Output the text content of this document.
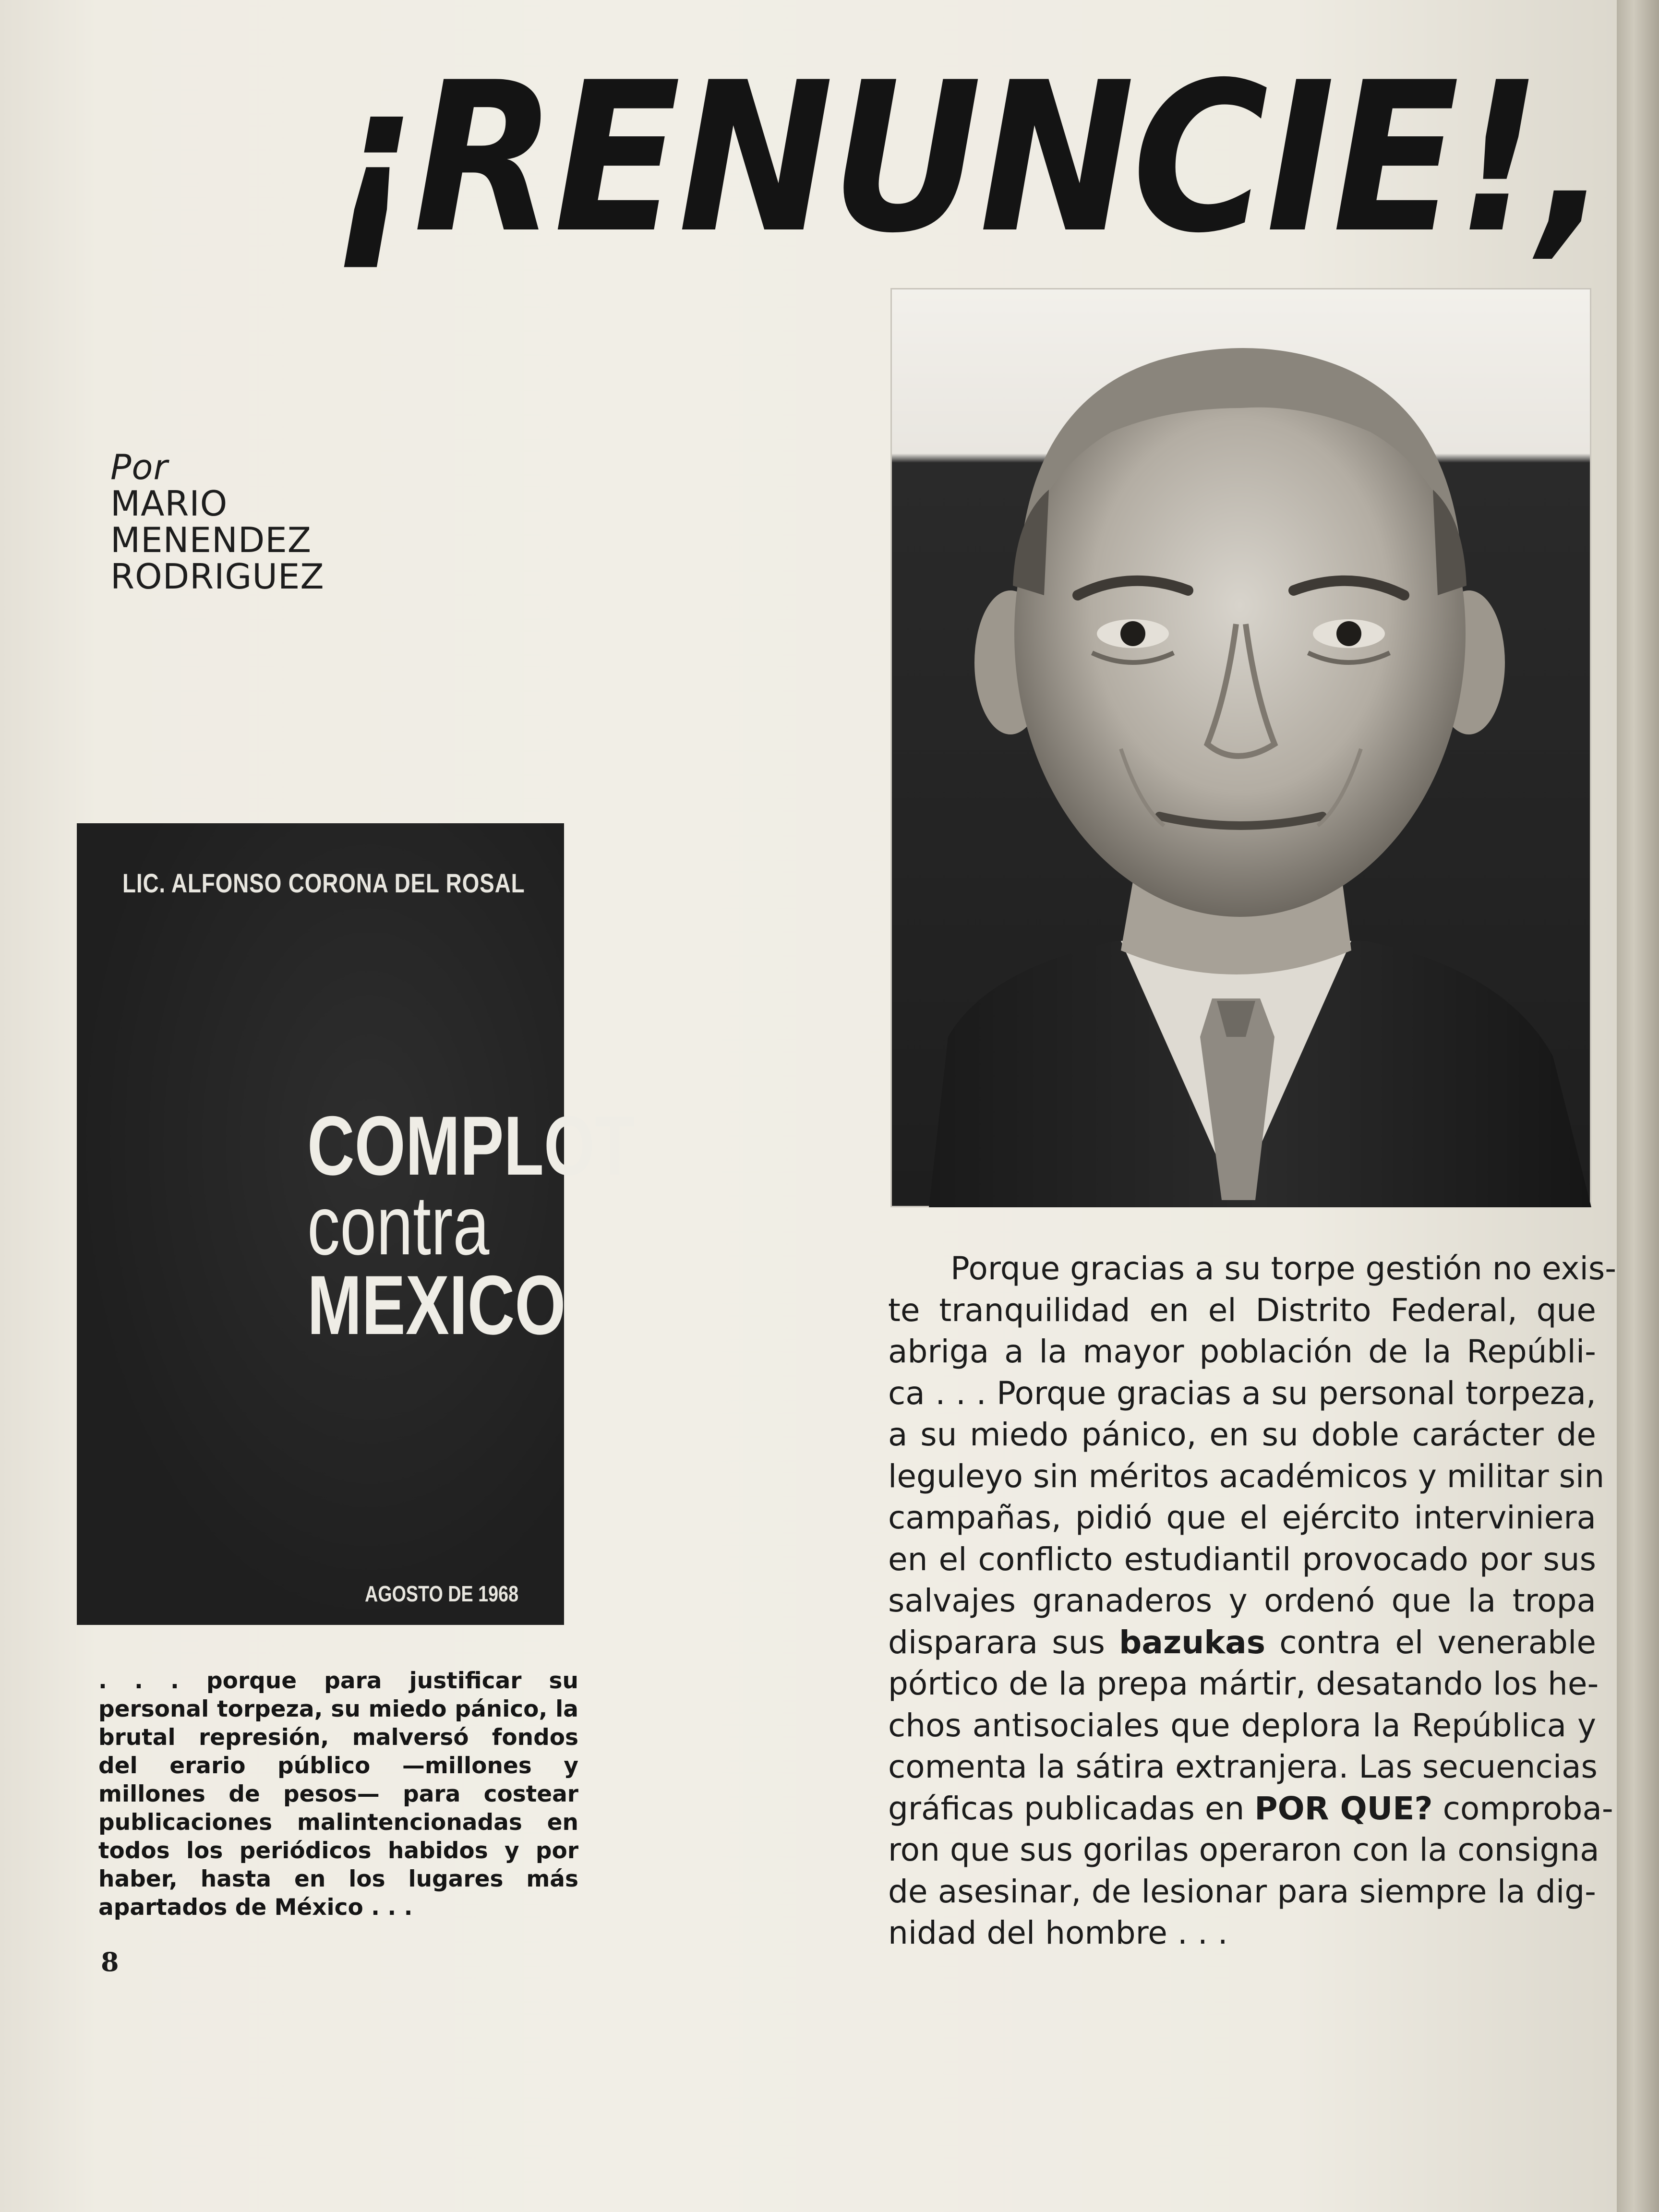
¡RENUNCIE!,
Por
MARIO
MENENDEZ
RODRIGUEZ
LIC. ALFONSO CORONA DEL ROSAL
COMPLOT
contra
MEXICO
AGOSTO DE 1968

. . . porque para justificar su personal torpeza, su miedo pánico, la brutal represión, malversó fondos del erario público —millones y millones de pesos— para costear publicaciones malintencionadas en todos los periódicos habidos y por haber, hasta en los lugares más apartados de México . . .

8
Porque gracias a su torpe gestión no exis-
te tranquilidad en el Distrito Federal, que
abriga a la mayor población de la Repúbli-
ca . . . Porque gracias a su personal torpeza,
a su miedo pánico, en su doble carácter de
leguleyo sin méritos académicos y militar sin
campañas, pidió que el ejército interviniera
en el conflicto estudiantil provocado por sus
salvajes granaderos y ordenó que la tropa
disparara sus bazukas contra el venerable
pórtico de la prepa mártir, desatando los he-
chos antisociales que deplora la República y
comenta la sátira extranjera. Las secuencias
gráficas publicadas en POR QUE? comproba-
ron que sus gorilas operaron con la consigna
de asesinar, de lesionar para siempre la dig-
nidad del hombre . . .
